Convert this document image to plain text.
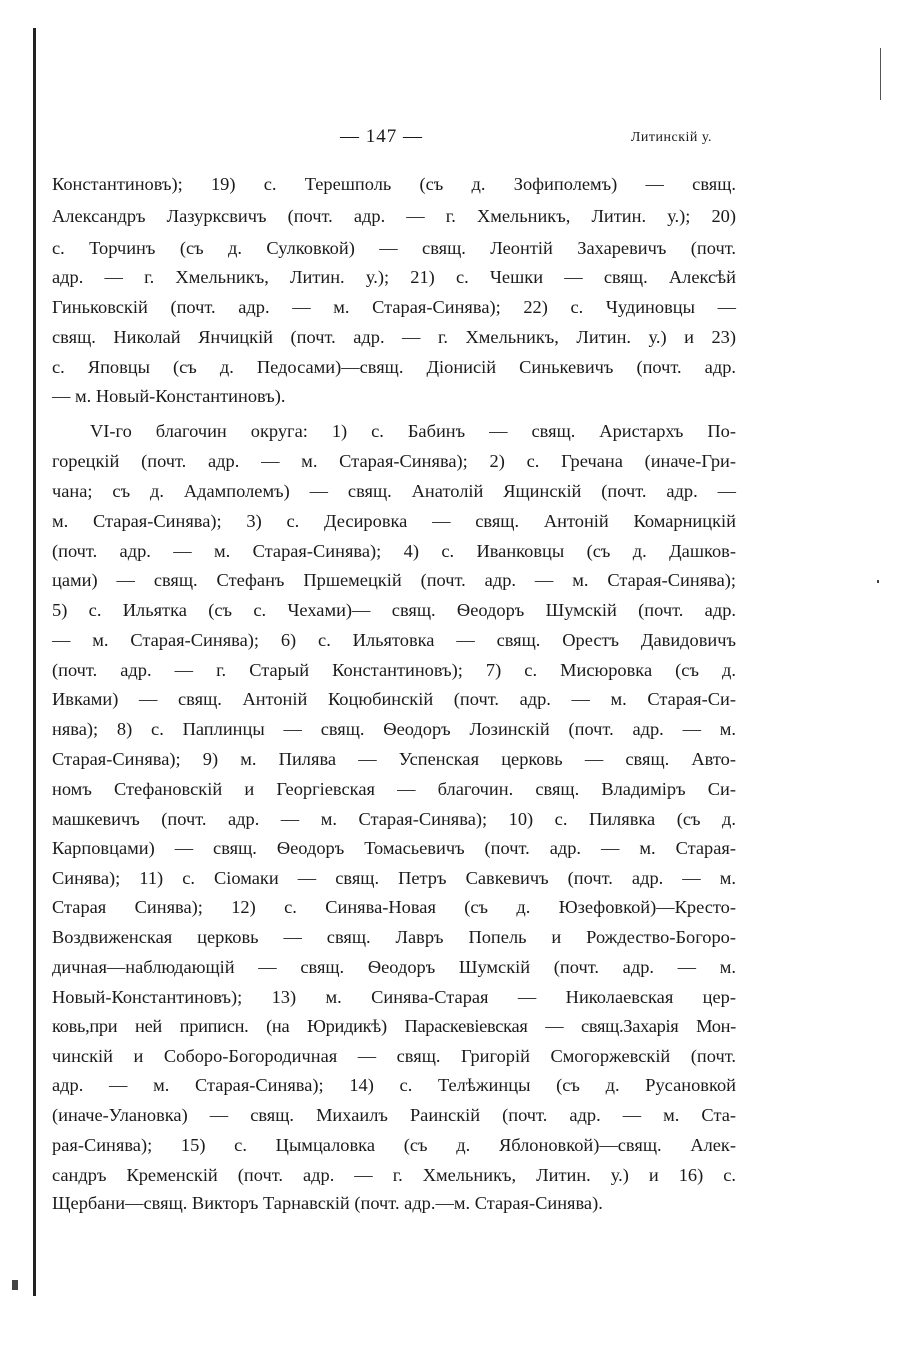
— 147 —	Литинскій у.
Константиновъ); 19) с. Терешполь (съ д. Зофиполемъ) — свящ.
Александръ Лазурксвичъ (почт. адр. — г. Хмельникъ, Литин. у.); 20)
с. Торчинъ (съ д. Сулковкой) — свящ. Леонтій Захаревичъ (почт.
адр. — г. Хмельникъ, Литин. у.); 21) с. Чешки — свящ. Алексѣй
Гиньковскій (почт. адр. — м. Старая-Синява); 22) с. Чудиновцы —
свящ. Николай Янчицкій (почт. адр. — г. Хмельникъ, Литин. у.) и 23)
с. Яповцы (съ д. Педосами)—свящ. Діонисій Синькевичъ (почт. адр.
— м. Новый-Константиновъ).
VI-го благочин округа: 1) с. Бабинъ — свящ. Аристархъ По-
горецкій (почт. адр. — м. Старая-Синява); 2) с. Гречана (иначе-Гри-
чана; съ д. Адамполемъ) — свящ. Анатолій Ящинскій (почт. адр. —
м. Старая-Синява); 3) с. Десировка — свящ. Антоній Комарницкій
(почт. адр. — м. Старая-Синява); 4) с. Иванковцы (съ д. Дашков-
цами) — свящ. Стефанъ Пршемецкій (почт. адр. — м. Старая-Синява);
5) с. Ильятка (съ с. Чехами)— свящ. Ѳеодоръ Шумскій (почт. адр.
— м. Старая-Синява); 6) с. Ильятовка — свящ. Орестъ Давидовичъ
(почт. адр. — г. Старый Константиновъ); 7) с. Мисюровка (съ д.
Ивками) — свящ. Антоній Коцюбинскій (почт. адр. — м. Старая-Си-
нява); 8) с. Паплинцы — свящ. Ѳеодоръ Лозинскій (почт. адр. — м.
Старая-Синява); 9) м. Пилява — Успенская церковь — свящ. Авто-
номъ Стефановскій и Георгіевская — благочин. свящ. Владиміръ Си-
машкевичъ (почт. адр. — м. Старая-Синява); 10) с. Пилявка (съ д.
Карповцами) — свящ. Ѳеодоръ Томасьевичъ (почт. адр. — м. Старая-
Синява); 11) с. Сіомаки — свящ. Петръ Савкевичъ (почт. адр. — м.
Старая Синява); 12) с. Синява-Новая (съ д. Юзефовкой)—Кресто-
Воздвиженская церковь — свящ. Лавръ Попель и Рождество-Богоро-
дичная—наблюдающій — свящ. Ѳеодоръ Шумскій (почт. адр. — м.
Новый-Константиновъ); 13) м. Синява-Старая — Николаевская цер-
ковь,при ней приписн. (на Юридикѣ) Параскевіевская — свящ.Захарія Мон-
чинскій и Соборо-Богородичная — свящ. Григорій Смогоржевскій (почт.
адр. — м. Старая-Синява); 14) с. Телѣжинцы (съ д. Русановкой
(иначе-Улановка) — свящ. Михаилъ Раинскій (почт. адр. — м. Ста-
рая-Синява); 15) с. Цымцаловка (съ д. Яблоновкой)—свящ. Алек-
сандръ Кременскій (почт. адр. — г. Хмельникъ, Литин. у.) и 16) с.
Щербани—свящ. Викторъ Тарнавскій (почт. адр.—м. Старая-Синява).
